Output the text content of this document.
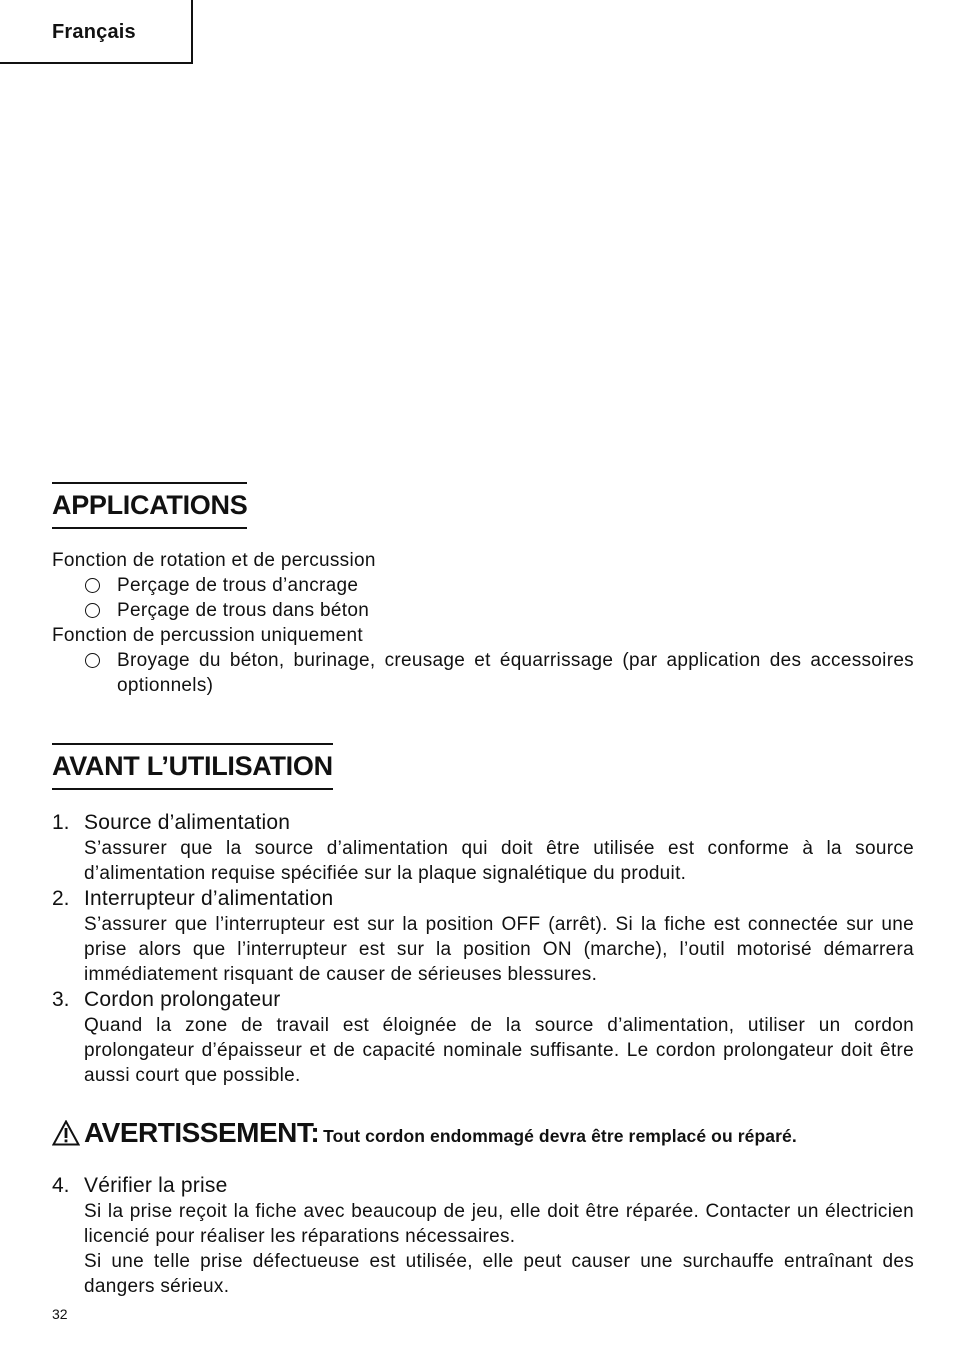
Français
APPLICATIONS
Fonction de rotation et de percussion
Perçage de trous d’ancrage
Perçage de trous dans béton
Fonction de percussion uniquement
Broyage du béton, burinage, creusage et équarrissage (par application des accessoires optionnels)
AVANT L’UTILISATION
1. Source d’alimentation
S’assurer que la source d’alimentation qui doit être utilisée est conforme à la source d’alimentation requise spécifiée sur la plaque signalétique du produit.
2. Interrupteur d’alimentation
S’assurer que l’interrupteur est sur la position OFF (arrêt). Si la fiche est connectée sur une prise alors que l’interrupteur est sur la position ON (marche), l’outil motorisé démarrera immédiatement risquant de causer de sérieuses blessures.
3. Cordon prolongateur
Quand la zone de travail est éloignée de la source d’alimentation, utiliser un cordon prolongateur d’épaisseur et de capacité nominale suffisante. Le cordon prolongateur doit être aussi court que possible.
AVERTISSEMENT: Tout cordon endommagé devra être remplacé ou réparé.
4. Vérifier la prise
Si la prise reçoit la fiche avec beaucoup de jeu, elle doit être réparée. Contacter un électricien licencié pour réaliser les réparations nécessaires.
Si une telle prise défectueuse est utilisée, elle peut causer une surchauffe entraînant des dangers sérieux.
32
